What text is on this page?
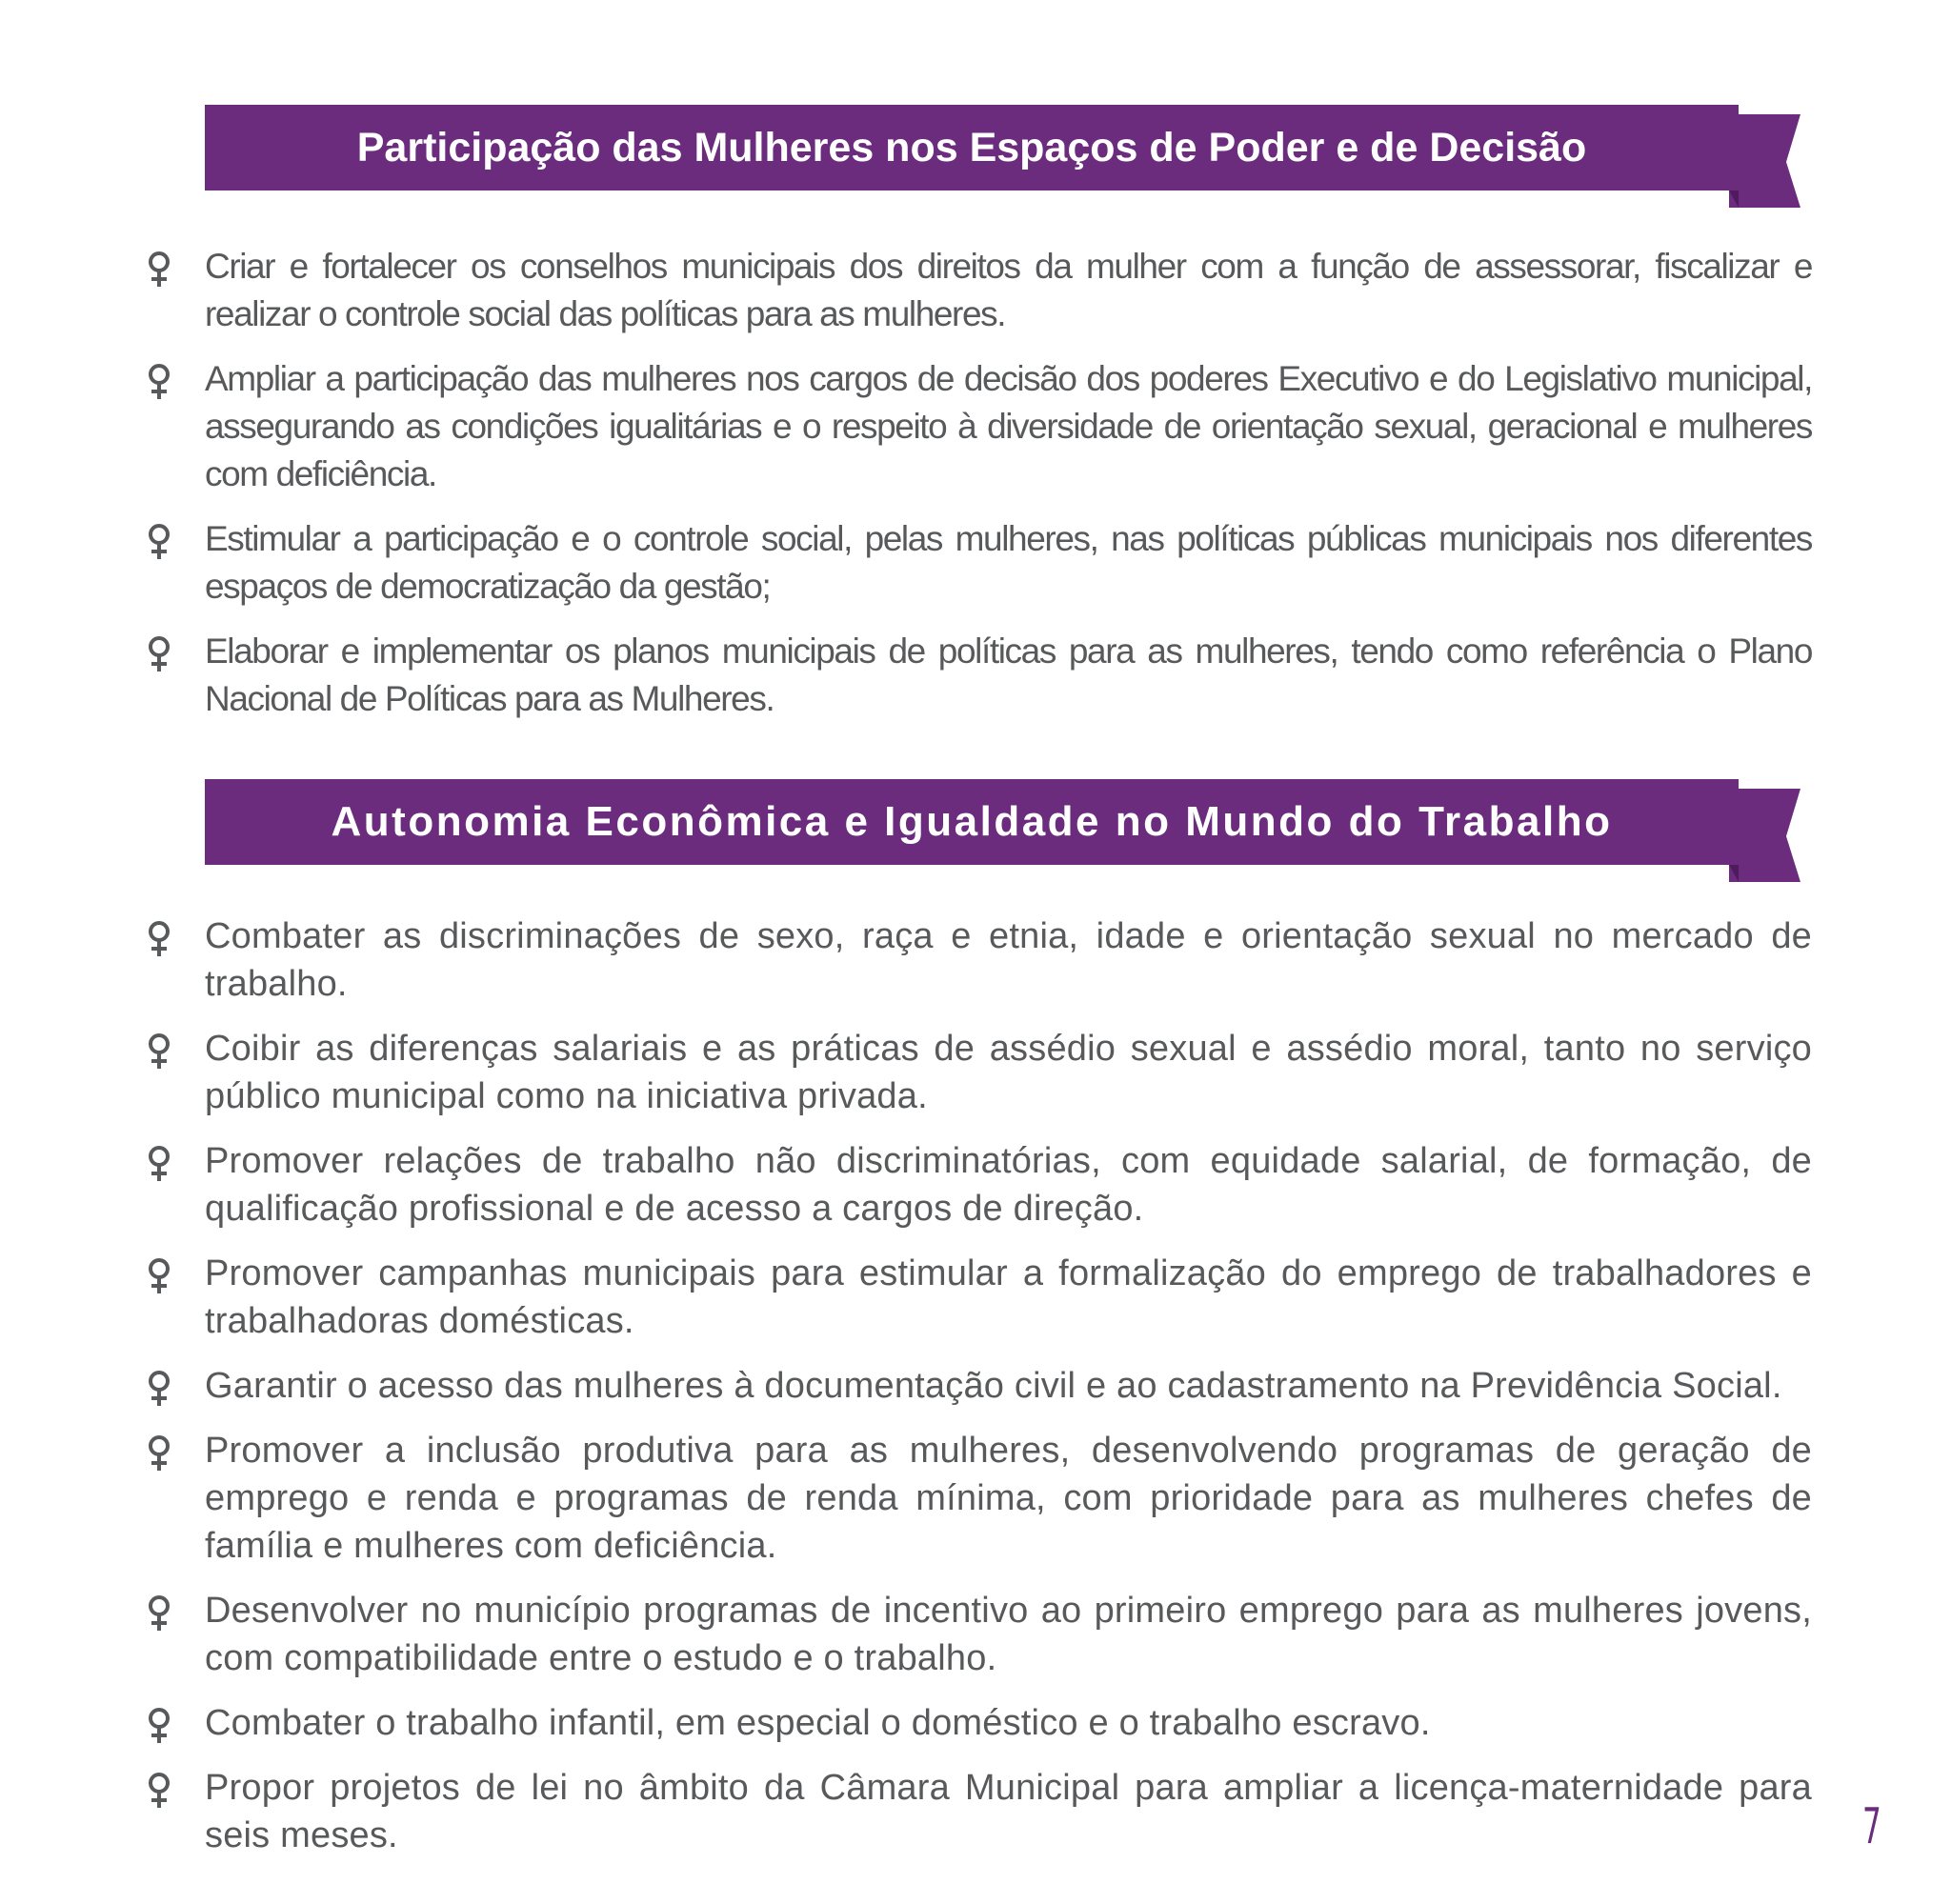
Participação das Mulheres nos Espaços de Poder e de Decisão
Criar e fortalecer os conselhos municipais dos direitos da mulher com a função de assessorar, fiscalizar e realizar o controle social das políticas para as mulheres.
Ampliar a participação das mulheres nos cargos de decisão dos poderes Executivo e do Legislativo municipal, assegurando as condições igualitárias e o respeito à diversidade de orientação sexual, geracional e mulheres com deficiência.
Estimular a participação e o controle social, pelas mulheres, nas políticas públicas municipais nos diferentes espaços de democratização da gestão;
Elaborar e implementar os planos municipais de políticas para as mulheres, tendo como referência o Plano Nacional de Políticas para as Mulheres.
Autonomia Econômica e Igualdade no Mundo do Trabalho
Combater as discriminações de sexo, raça e etnia, idade e orientação sexual no mercado de trabalho.
Coibir as diferenças salariais e as práticas de assédio sexual e assédio moral, tanto no serviço público municipal como na iniciativa privada.
Promover relações de trabalho não discriminatórias, com equidade salarial, de formação, de qualificação profissional e de acesso a cargos de direção.
Promover campanhas municipais para estimular a formalização do emprego de trabalhadores e trabalhadoras domésticas.
Garantir o acesso das mulheres à documentação civil e ao cadastramento na Previdência Social.
Promover a inclusão produtiva para as mulheres, desenvolvendo programas de geração de emprego e renda e programas de renda mínima, com prioridade para as mulheres chefes de família e mulheres com deficiência.
Desenvolver no município programas de incentivo ao primeiro emprego para as mulheres jovens, com compatibilidade entre o estudo e o trabalho.
Combater o trabalho infantil, em especial o doméstico e o trabalho escravo.
Propor projetos de lei no âmbito da Câmara Municipal para ampliar a licença-maternidade para seis meses.	7
